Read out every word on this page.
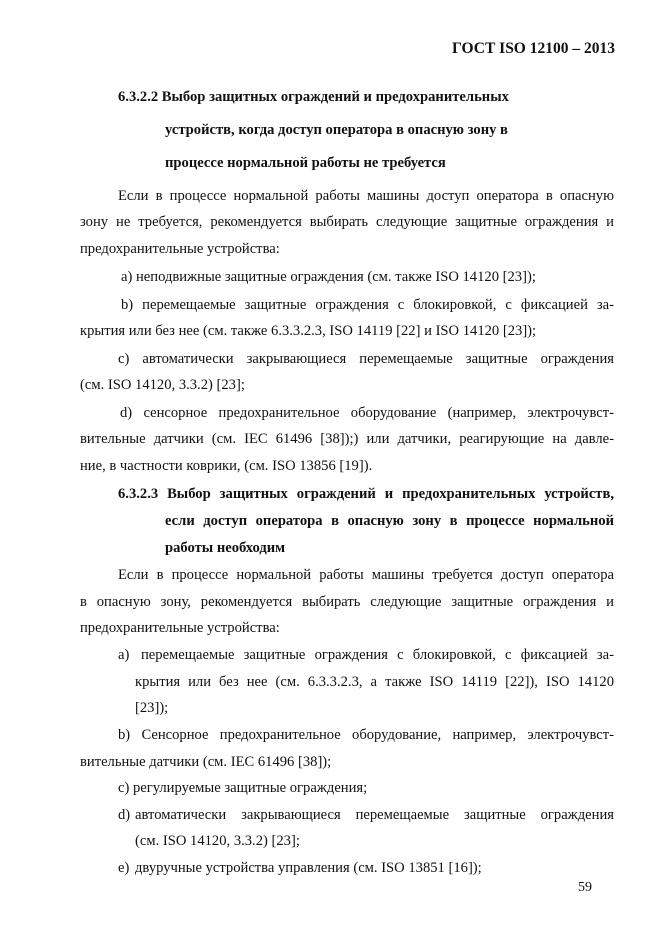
ГОСТ ISO 12100 – 2013
6.3.2.2 Выбор защитных ограждений и предохранительных
устройств, когда доступ оператора в опасную зону в
процессе нормальной работы не требуется
Если в процессе нормальной работы машины доступ оператора в опасную
зону не требуется, рекомендуется выбирать следующие защитные ограждения и
предохранительные устройства:
а) неподвижные защитные ограждения (см. также ISO 14120 [23]);
b) перемещаемые защитные ограждения с блокировкой, с фиксацией за-
крытия или без нее (см. также 6.3.3.2.3, ISO 14119 [22] и ISO 14120 [23]);
с) автоматически закрывающиеся перемещаемые защитные ограждения
(см. ISO 14120, 3.3.2) [23];
d) сенсорное предохранительное оборудование (например, электрочувст-
вительные датчики (см. IEC 61496 [38]);) или датчики, реагирующие на давле-
ние, в частности коврики, (см. ISO 13856 [19]).
6.3.2.3 Выбор защитных ограждений и предохранительных устройств,
если доступ оператора в опасную зону в процессе нормальной
работы необходим
Если в процессе нормальной работы машины требуется доступ оператора
в опасную зону, рекомендуется выбирать следующие защитные ограждения и
предохранительные устройства:
а) перемещаемые защитные ограждения с блокировкой, с фиксацией за-
крытия или без нее (см. 6.3.3.2.3, а также ISO 14119 [22]), ISO 14120
[23]);
b) Сенсорное предохранительное оборудование, например, электрочувст-
вительные датчики (см. IEC 61496 [38]);
с) регулируемые защитные ограждения;
d) автоматически закрывающиеся перемещаемые защитные ограждения
(см. ISO 14120, 3.3.2) [23];
е) двуручные устройства управления (см. ISO 13851 [16]);
59
